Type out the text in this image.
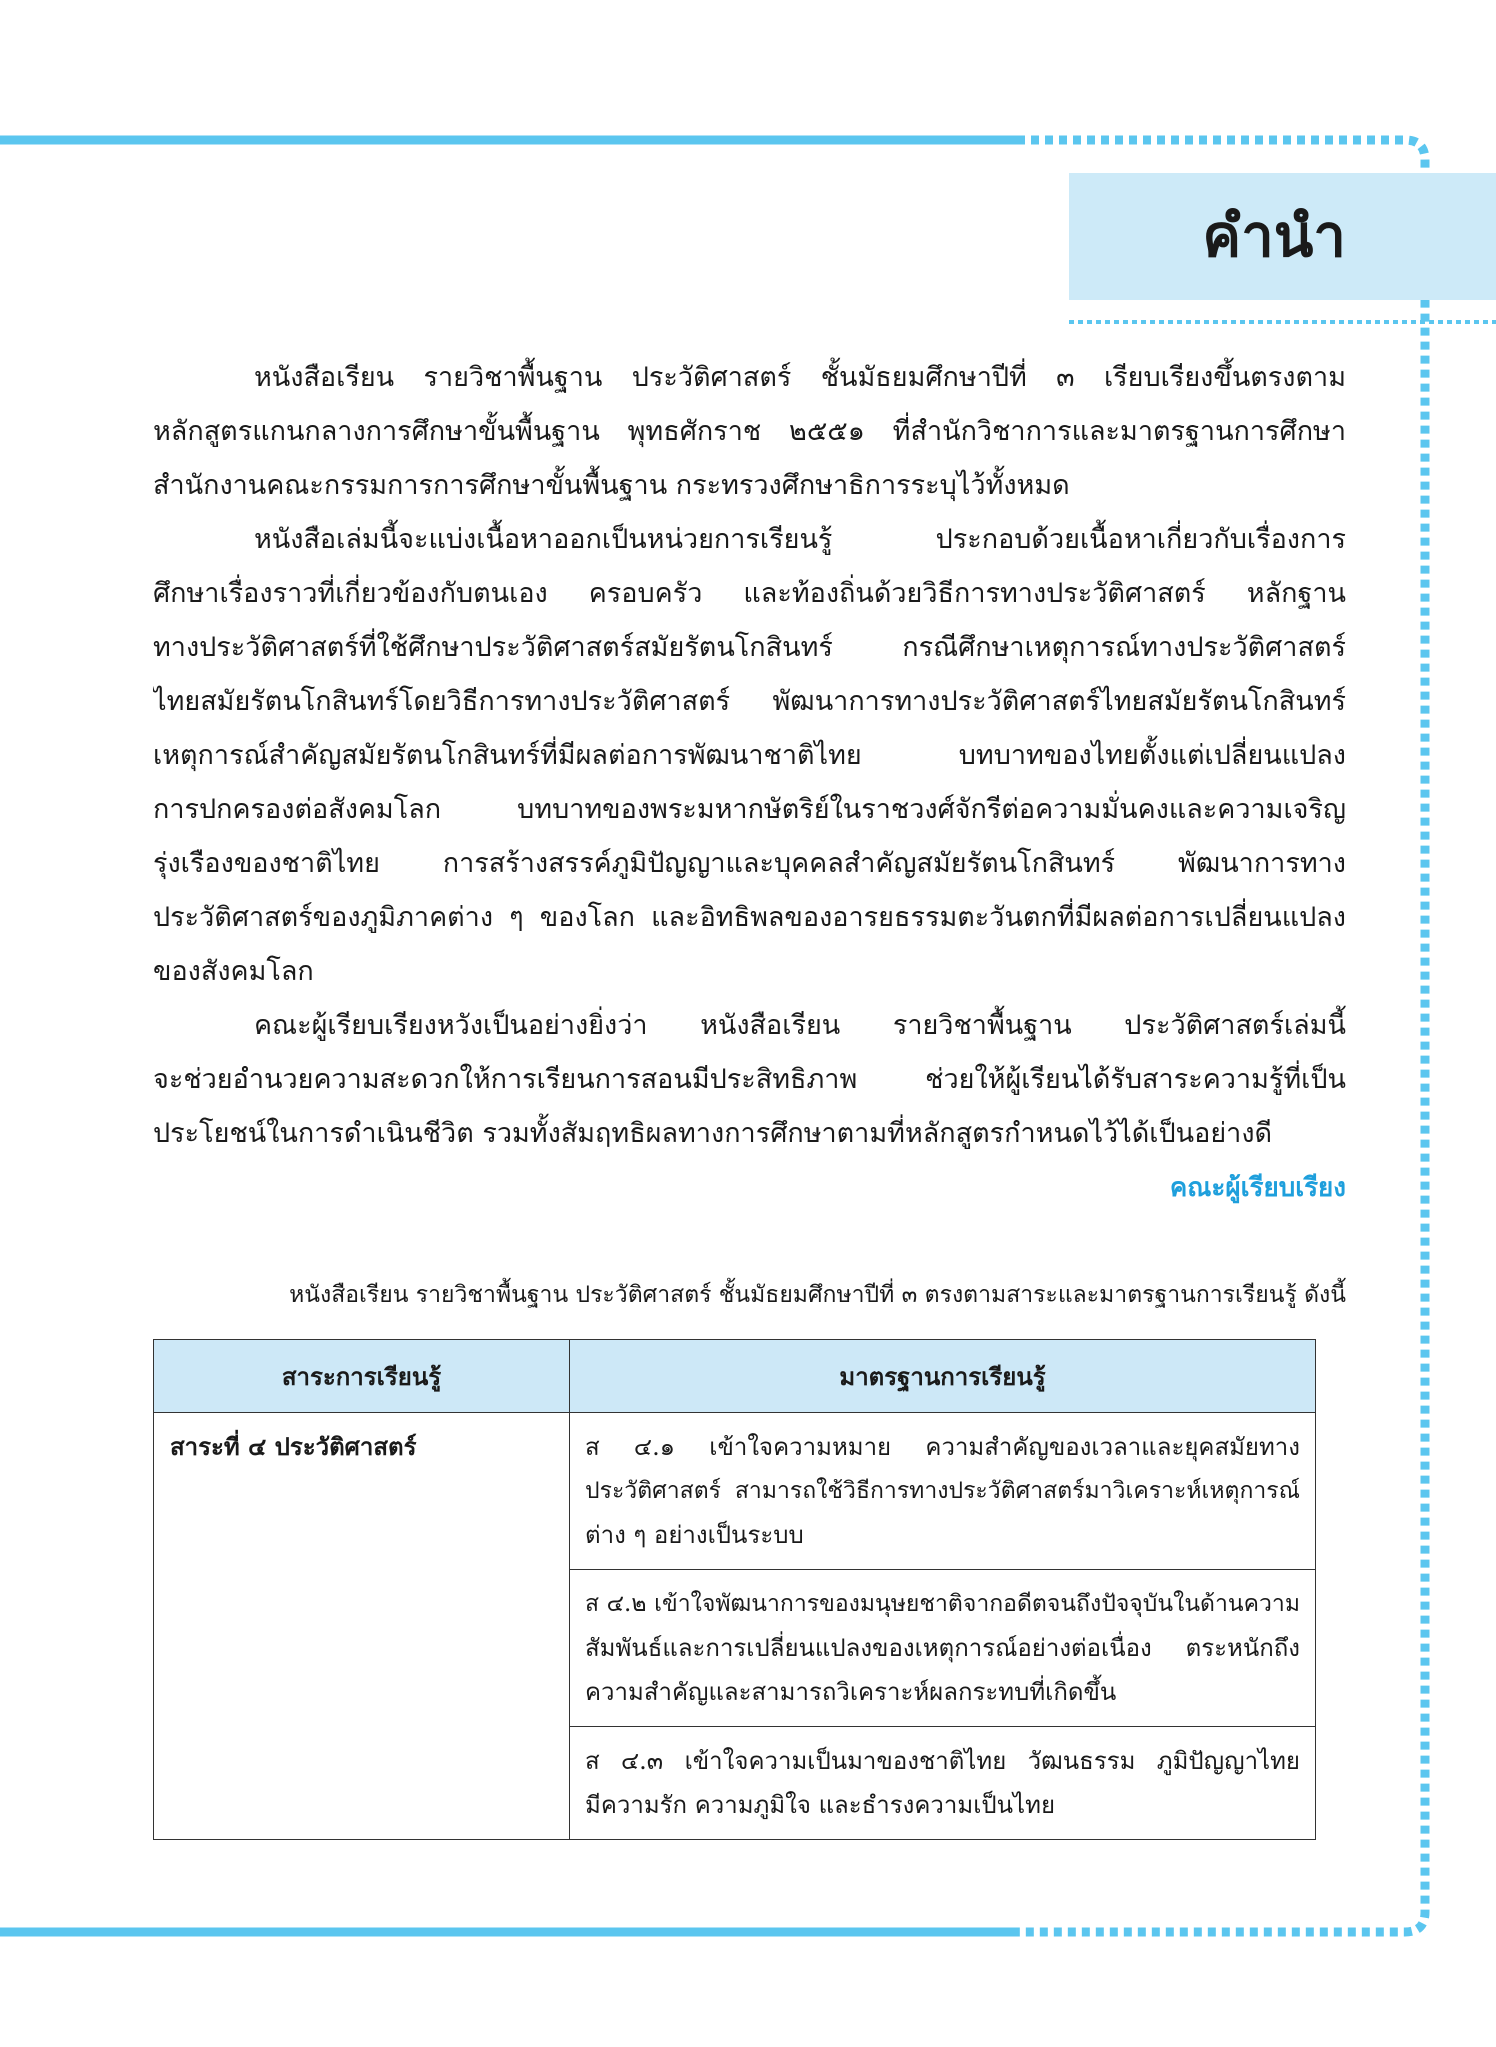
คำนำ
หนังสือเรียน รายวิชาพื้นฐาน ประวัติศาสตร์ ชั้นมัธยมศึกษาปีที่ ๓ เรียบเรียงขึ้นตรงตาม
หลักสูตรแกนกลางการศึกษาขั้นพื้นฐาน พุทธศักราช ๒๕๕๑ ที่สำนักวิชาการและมาตรฐานการศึกษา
สำนักงานคณะกรรมการการศึกษาขั้นพื้นฐาน กระทรวงศึกษาธิการระบุไว้ทั้งหมด
หนังสือเล่มนี้จะแบ่งเนื้อหาออกเป็นหน่วยการเรียนรู้ ประกอบด้วยเนื้อหาเกี่ยวกับเรื่องการ
ศึกษาเรื่องราวที่เกี่ยวข้องกับตนเอง ครอบครัว และท้องถิ่นด้วยวิธีการทางประวัติศาสตร์ หลักฐาน
ทางประวัติศาสตร์ที่ใช้ศึกษาประวัติศาสตร์สมัยรัตนโกสินทร์ กรณีศึกษาเหตุการณ์ทางประวัติศาสตร์
ไทยสมัยรัตนโกสินทร์โดยวิธีการทางประวัติศาสตร์ พัฒนาการทางประวัติศาสตร์ไทยสมัยรัตนโกสินทร์
เหตุการณ์สำคัญสมัยรัตนโกสินทร์ที่มีผลต่อการพัฒนาชาติไทย บทบาทของไทยตั้งแต่เปลี่ยนแปลง
การปกครองต่อสังคมโลก บทบาทของพระมหากษัตริย์ในราชวงศ์จักรีต่อความมั่นคงและความเจริญ
รุ่งเรืองของชาติไทย การสร้างสรรค์ภูมิปัญญาและบุคคลสำคัญสมัยรัตนโกสินทร์ พัฒนาการทาง
ประวัติศาสตร์ของภูมิภาคต่าง ๆ ของโลก และอิทธิพลของอารยธรรมตะวันตกที่มีผลต่อการเปลี่ยนแปลง
ของสังคมโลก
คณะผู้เรียบเรียงหวังเป็นอย่างยิ่งว่า หนังสือเรียน รายวิชาพื้นฐาน ประวัติศาสตร์เล่มนี้
จะช่วยอำนวยความสะดวกให้การเรียนการสอนมีประสิทธิภาพ ช่วยให้ผู้เรียนได้รับสาระความรู้ที่เป็น
ประโยชน์ในการดำเนินชีวิต รวมทั้งสัมฤทธิผลทางการศึกษาตามที่หลักสูตรกำหนดไว้ได้เป็นอย่างดี
คณะผู้เรียบเรียง
หนังสือเรียน รายวิชาพื้นฐาน ประวัติศาสตร์ ชั้นมัธยมศึกษาปีที่ ๓ ตรงตามสาระและมาตรฐานการเรียนรู้ ดังนี้
สาระการเรียนรู้	มาตรฐานการเรียนรู้

สาระที่ ๔ ประวัติศาสตร์	ส ๔.๑ เข้าใจความหมาย ความสำคัญของเวลาและยุคสมัยทาง
ประวัติศาสตร์ สามารถใช้วิธีการทางประวัติศาสตร์มาวิเคราะห์เหตุการณ์
ต่าง ๆ อย่างเป็นระบบ

	ส ๔.๒ เข้าใจพัฒนาการของมนุษยชาติจากอดีตจนถึงปัจจุบันในด้านความ
สัมพันธ์และการเปลี่ยนแปลงของเหตุการณ์อย่างต่อเนื่อง ตระหนักถึง
ความสำคัญและสามารถวิเคราะห์ผลกระทบที่เกิดขึ้น

	ส ๔.๓ เข้าใจความเป็นมาของชาติไทย วัฒนธรรม ภูมิปัญญาไทย
มีความรัก ความภูมิใจ และธำรงความเป็นไทย
